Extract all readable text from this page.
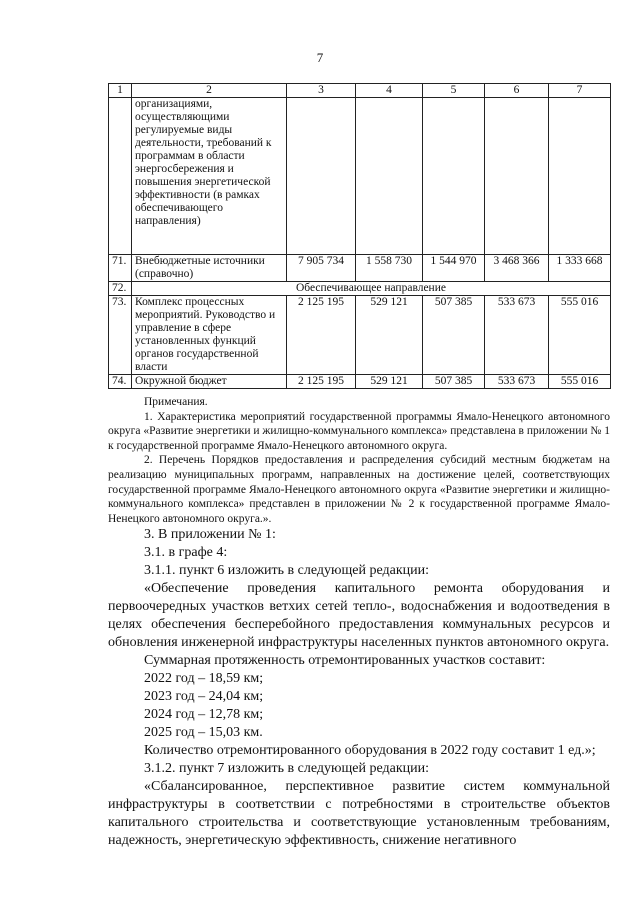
7
1	2	3	4	5	6	7
	организациями, осуществляющими регулируемые виды деятельности, требований к программам в области энергосбережения и повышения энергетической эффективности (в рамках обеспечивающего направления)					
71.	Внебюджетные источники (справочно)	7 905 734	1 558 730	1 544 970	3 468 366	1 333 668
72.	Обеспечивающее направление					
73.	Комплекс процессных мероприятий. Руководство и управление в сфере установленных функций органов государственной власти	2 125 195	529 121	507 385	533 673	555 016
74.	Окружной бюджет	2 125 195	529 121	507 385	533 673	555 016

Примечания.

1. Характеристика мероприятий государственной программы Ямало-Ненецкого автономного округа «Развитие энергетики и жилищно-коммунального комплекса» представлена в приложении № 1 к государственной программе Ямало-Ненецкого автономного округа.

2. Перечень Порядков предоставления и распределения субсидий местным бюджетам на реализацию муниципальных программ, направленных на достижение целей, соответствующих государственной программе Ямало-Ненецкого автономного округа «Развитие энергетики и жилищно-коммунального комплекса» представлен в приложении № 2 к государственной программе Ямало-Ненецкого автономного округа.».

3. В приложении № 1:

3.1. в графе 4:

3.1.1. пункт 6 изложить в следующей редакции:

«Обеспечение проведения капитального ремонта оборудования и первоочередных участков ветхих сетей тепло-, водоснабжения и водоотведения в целях обеспечения бесперебойного предоставления коммунальных ресурсов и обновления инженерной инфраструктуры населенных пунктов автономного округа.

Суммарная протяженность отремонтированных участков составит:

2022 год – 18,59 км;

2023 год – 24,04 км;

2024 год – 12,78 км;

2025 год – 15,03 км.

Количество отремонтированного оборудования в 2022 году составит 1 ед.»;

3.1.2. пункт 7 изложить в следующей редакции:

«Сбалансированное, перспективное развитие систем коммунальной инфраструктуры в соответствии с потребностями в строительстве объектов капитального строительства и соответствующие установленным требованиям, надежность, энергетическую эффективность, снижение негативного
